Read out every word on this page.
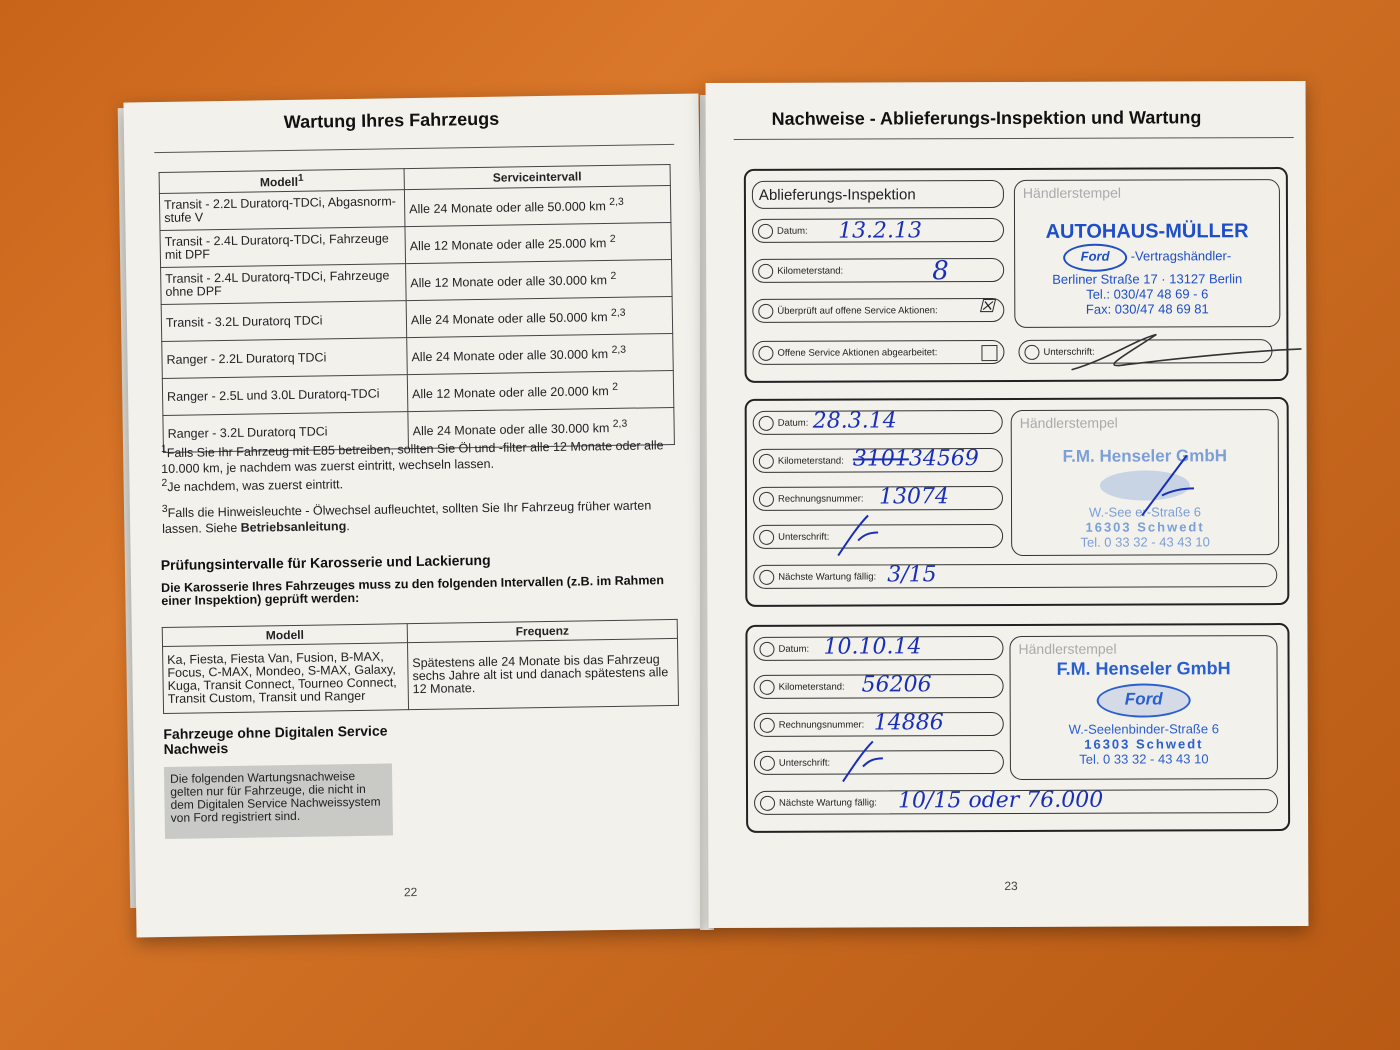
Wartung Ihres Fahrzeugs
Modell$^1$	Serviceintervall
Transit - 2.2L Duratorq-TDCi, Abgasnorm-stufe V	Alle 24 Monate oder alle 50.000 km $^{2,3}$
Transit - 2.4L Duratorq-TDCi, Fahrzeuge mit DPF	Alle 12 Monate oder alle 25.000 km $^2$
Transit - 2.4L Duratorq-TDCi, Fahrzeuge ohne DPF	Alle 12 Monate oder alle 30.000 km $^2$
Transit - 3.2L Duratorq TDCi	Alle 24 Monate oder alle 50.000 km $^{2,3}$
Ranger - 2.2L Duratorq TDCi	Alle 24 Monate oder alle 30.000 km $^{2,3}$
Ranger - 2.5L und 3.0L Duratorq-TDCi	Alle 12 Monate oder alle 20.000 km $^2$
Ranger - 3.2L Duratorq TDCi	Alle 24 Monate oder alle 30.000 km $^{2,3}$
$^1$Falls Sie Ihr Fahrzeug mit E85 betreiben, sollten Sie Öl und -filter alle 12 Monate oder alle 10.000 km, je nachdem was zuerst eintritt, wechseln lassen.
$^2$Je nachdem, was zuerst eintritt.
$^3$Falls die Hinweisleuchte - Ölwechsel aufleuchtet, sollten Sie Ihr Fahrzeug früher warten lassen. Siehe Betriebsanleitung.
Prüfungsintervalle für Karosserie und Lackierung
Die Karosserie Ihres Fahrzeuges muss zu den folgenden Intervallen (z.B. im Rahmen einer Inspektion) geprüft werden:
Modell	Frequenz
Ka, Fiesta, Fiesta Van, Fusion, B-MAX, Focus, C-MAX, Mondeo, S-MAX, Galaxy, Kuga, Transit Connect, Tourneo Connect, Transit Custom, Transit und Ranger	Spätestens alle 24 Monate bis das Fahrzeug sechs Jahre alt ist und danach spätestens alle 12 Monate.
Fahrzeuge ohne Digitalen Service Nachweis
Die folgenden Wartungsnachweise gelten nur für Fahrzeuge, die nicht in dem Digitalen Service Nachweissystem von Ford registriert sind.
22
Nachweise - Ablieferungs-Inspektion und Wartung
Ablieferungs-Inspektion
Datum: 13.2.13
Kilometerstand:	8
Überprüft auf offene Service Aktionen: ☒
Offene Service Aktionen abgearbeitet:
Händlerstempel
AUTOHAUS-MÜLLER
Ford -Vertragshändler-
Berliner Straße 17 · 13127 Berlin
Tel.: 030/47 48 69 - 6
Fax: 030/47 48 69 81
Unterschrift:
Datum: 28.3.14
Kilometerstand: 310134569
Rechnungsnummer: 13074
Unterschrift:
Nächste Wartung fällig: 3/15
Händlerstempel
F.M. Henseler GmbH
W.-See er-Straße 6
16303 Schwedt
Tel. 0 33 32 - 43 43 10
Datum: 10.10.14
Kilometerstand: 56206
Rechnungsnummer: 14886
Unterschrift:
Nächste Wartung fällig: 10/15 oder 76.000
Händlerstempel
F.M. Henseler GmbH
Ford
W.-Seelenbinder-Straße 6
16303 Schwedt
Tel. 0 33 32 - 43 43 10
23
